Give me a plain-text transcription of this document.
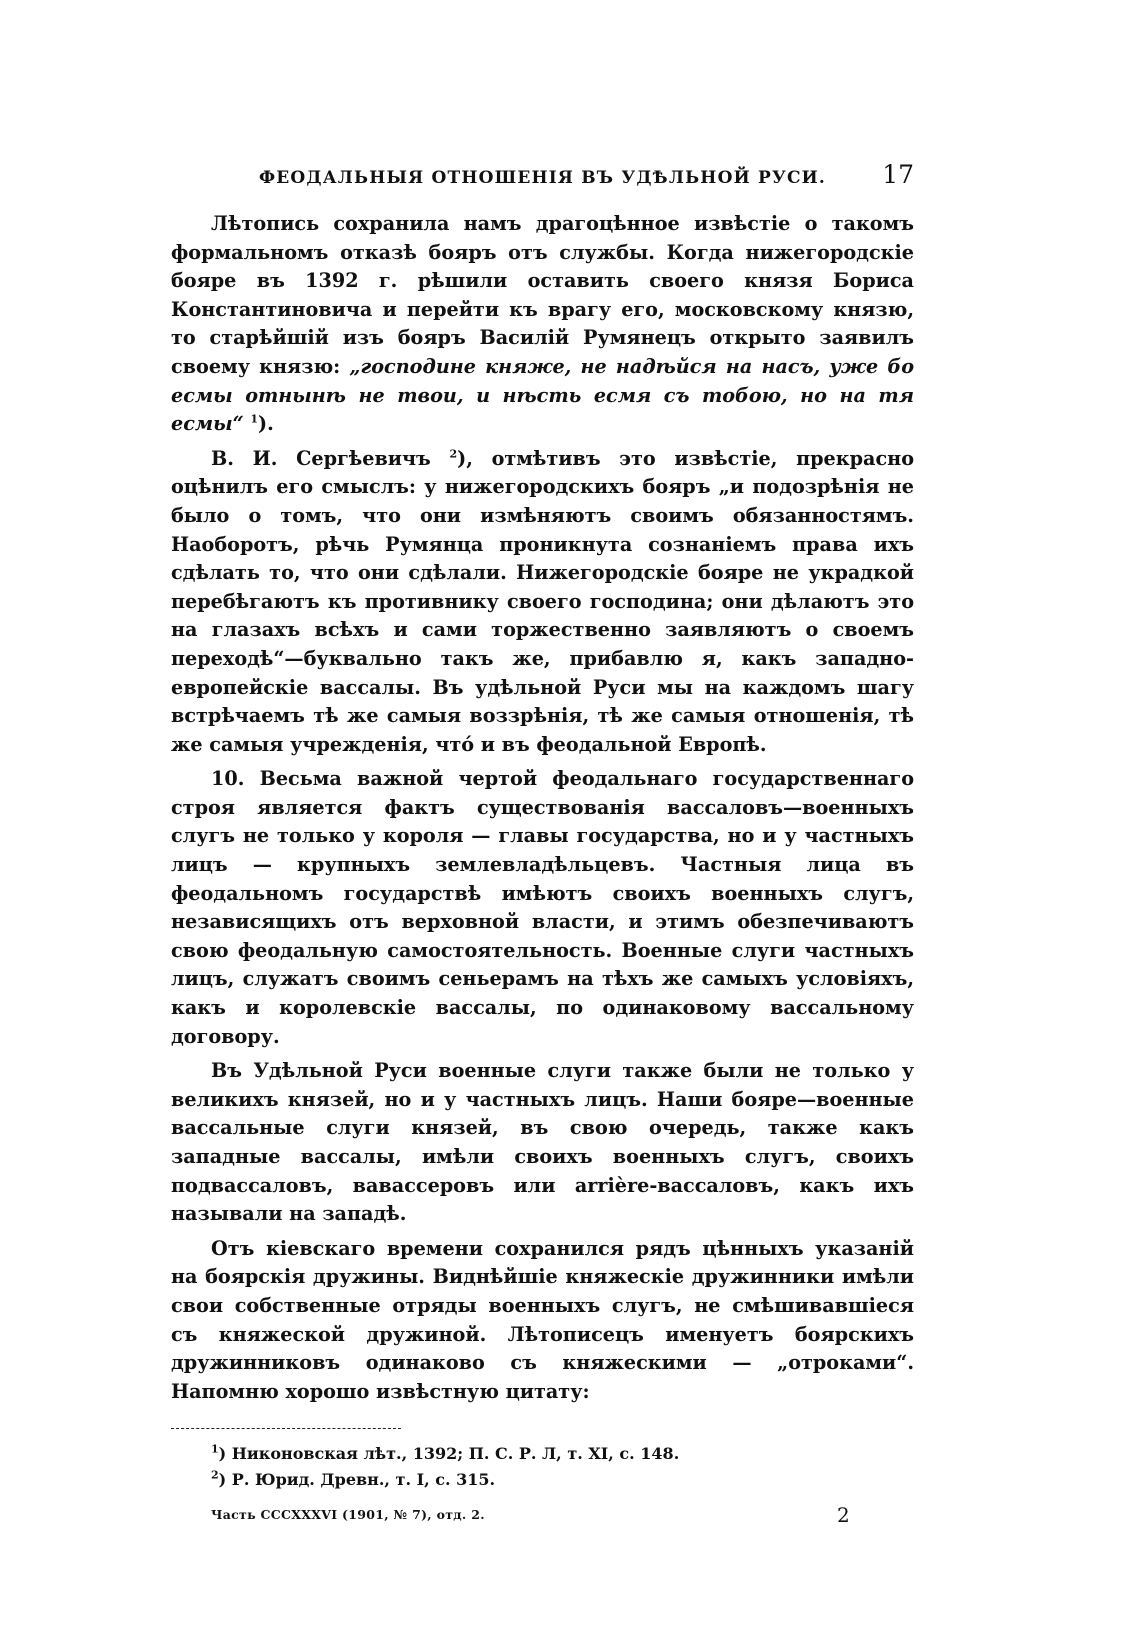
ФЕОДАЛЬНЫЯ ОТНОШЕНІЯ ВЪ УДѢЛЬНОЙ РУСИ.	17

Лѣтопись сохранила намъ драгоцѣнное извѣстіе о такомъ формальномъ отказѣ бояръ отъ службы. Когда нижегородскіе бояре въ 1392 г. рѣшили оставить своего князя Бориса Константиновича и перейти къ врагу его, московскому князю, то старѣйшій изъ бояръ Василій Румянецъ открыто заявилъ своему князю: „господине княже, не надѣйся на насъ, уже бо есмы отнынѣ не твои, и нѣсть есмя съ тобою, но на тя есмы“ $^1$).

В. И. Сергѣевичъ $^2$), отмѣтивъ это извѣстіе, прекрасно оцѣнилъ его смыслъ: у нижегородскихъ бояръ „и подозрѣнія не было о томъ, что они измѣняютъ своимъ обязанностямъ. Наоборотъ, рѣчь Румянца проникнута сознаніемъ права ихъ сдѣлать то, что они сдѣлали. Нижегородскіе бояре не украдкой перебѣгаютъ къ противнику своего господина; они дѣлаютъ это на глазахъ всѣхъ и сами торжественно заявляютъ о своемъ переходѣ“—буквально такъ же, прибавлю я, какъ западно-европейскіе вассалы. Въ удѣльной Руси мы на каждомъ шагу встрѣчаемъ тѣ же самыя воззрѣнія, тѣ же самыя отношенія, тѣ же самыя учрежденія, что́ и въ феодальной Европѣ.

10. Весьма важной чертой феодальнаго государственнаго строя является фактъ существованія вассаловъ—военныхъ слугъ не только у короля — главы государства, но и у частныхъ лицъ — крупныхъ землевладѣльцевъ. Частныя лица въ феодальномъ государствѣ имѣютъ своихъ военныхъ слугъ, независящихъ отъ верховной власти, и этимъ обезпечиваютъ свою феодальную самостоятельность. Военные слуги частныхъ лицъ, служатъ своимъ сеньерамъ на тѣхъ же самыхъ условіяхъ, какъ и королевскіе вассалы, по одинаковому вассальному договору.

Въ Удѣльной Руси военные слуги также были не только у великихъ князей, но и у частныхъ лицъ. Наши бояре—военные вассальные слуги князей, въ свою очередь, также какъ западные вассалы, имѣли своихъ военныхъ слугъ, своихъ подвассаловъ, вавассеровъ или arrière-вассаловъ, какъ ихъ называли на западѣ.

Отъ кіевскаго времени сохранился рядъ цѣнныхъ указаній на боярскія дружины. Виднѣйшіе княжескіе дружинники имѣли свои собственные отряды военныхъ слугъ, не смѣшивавшіеся съ княжеской дружиной. Лѣтописецъ именуетъ боярскихъ дружинниковъ одинаково съ княжескими — „отроками“. Напомню хорошо извѣстную цитату:

$^1$) Никоновская лѣт., 1392; П. С. Р. Л, т. XI, с. 148.
$^2$) Р. Юрид. Древн., т. I, с. 315.
Часть CCCXXXVI (1901, № 7), отд. 2.	2
